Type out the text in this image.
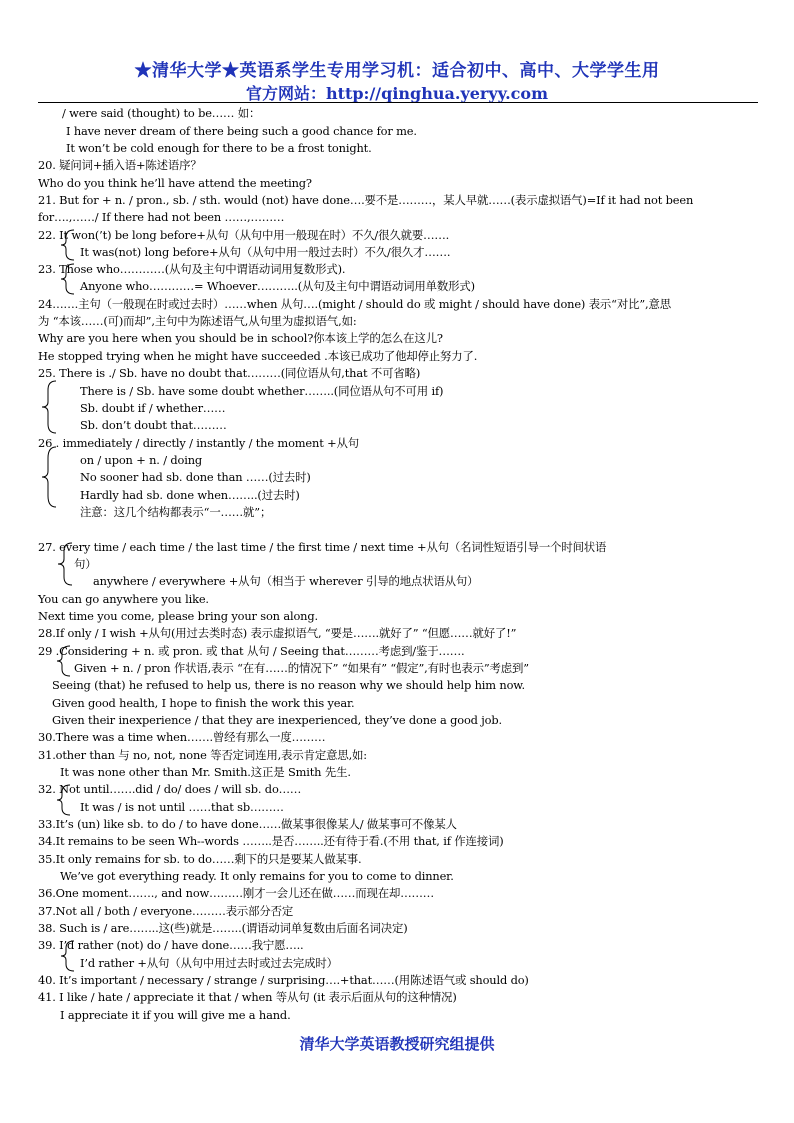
★清华大学★英语系学生专用学习机：适合初中、高中、大学学生用
官方网站：http://qinghua.yeryy.com
/ were said (thought) to be…… 如：
I have never dream of there being such a good chance for me.
It won’t be cold enough for there to be a frost tonight.
20. 疑问词+插入语+陈述语序？
Who do you think he’ll have attend the meeting?
21. But for + n. / pron., sb. / sth. would (not) have done….要不是………，某人早就……(表示虚拟语气)=If it had not been
for….,……/ If there had not been ……,………
22. It won(’t) be long before+从句（从句中用一般现在时）不久/很久就要…….
It was(not) long before+从句（从句中用一般过去时）不久/很久才…….
23. Those who…………(从句及主句中谓语动词用复数形式).
Anyone who…………= Whoever………..(从句及主句中谓语动词用单数形式)
24…….主句（一般现在时或过去时）……when 从句….(might / should do 或 might / should have done) 表示“对比”,意思
为 “本该……(可)而却”,主句中为陈述语气,从句里为虚拟语气,如:
Why are you here when you should be in school?你本该上学的怎么在这儿?
He stopped trying when he might have succeeded .本该已成功了他却停止努力了.
25. There is ./ Sb. have no doubt that………(同位语从句,that 不可省略)
There is / Sb. have some doubt whether……..(同位语从句不可用 if)
Sb. doubt if / whether……
Sb. don’t doubt that………
26 . immediately / directly / instantly / the moment +从句
on / upon + n. / doing
No sooner had sb. done than ……(过去时)
Hardly had sb. done when……..(过去时)
注意：这几个结构都表示“一……就”；
27. every time / each time / the last time / the first time / next time +从句（名词性短语引导一个时间状语
句）
anywhere / everywhere +从句（相当于 wherever 引导的地点状语从句）
You can go anywhere you like.
Next time you come, please bring your son along.
28.If only / I wish +从句(用过去类时态) 表示虚拟语气, “要是…….就好了” “但愿……就好了!”
29 .Considering + n. 或 pron. 或 that 从句 / Seeing that………考虑到/鉴于…….
Given + n. / pron 作状语,表示 “在有……的情况下” “如果有” “假定”,有时也表示”考虑到”
Seeing (that) he refused to help us, there is no reason why we should help him now.
Given good health, I hope to finish the work this year.
Given their inexperience / that they are inexperienced, they’ve done a good job.
30.There was a time when…….曾经有那么一度………
31.other than 与 no, not, none 等否定词连用,表示肯定意思,如:
It was none other than Mr. Smith.这正是 Smith 先生.
32. Not until…….did / do/ does / will sb. do……
It was / is not until ……that sb………
33.It’s (un) like sb. to do / to have done……做某事很像某人/ 做某事可不像某人
34.It remains to be seen Wh--words ……..是否……..还有待于看.(不用 that, if 作连接词)
35.It only remains for sb. to do……剩下的只是要某人做某事.
We’ve got everything ready. It only remains for you to come to dinner.
36.One moment……., and now………刚才一会儿还在做……而现在却………
37.Not all / both / everyone………表示部分否定
38. Such is / are……..这(些)就是……..(谓语动词单复数由后面名词决定)
39. I’d rather (not) do / have done……我宁愿…..
I’d rather +从句（从句中用过去时或过去完成时）
40. It’s important / necessary / strange / surprising….+that……(用陈述语气或 should do)
41. I like / hate / appreciate it that / when 等从句 (it 表示后面从句的这种情况)
I appreciate it if you will give me a hand.
清华大学英语教授研究组提供
